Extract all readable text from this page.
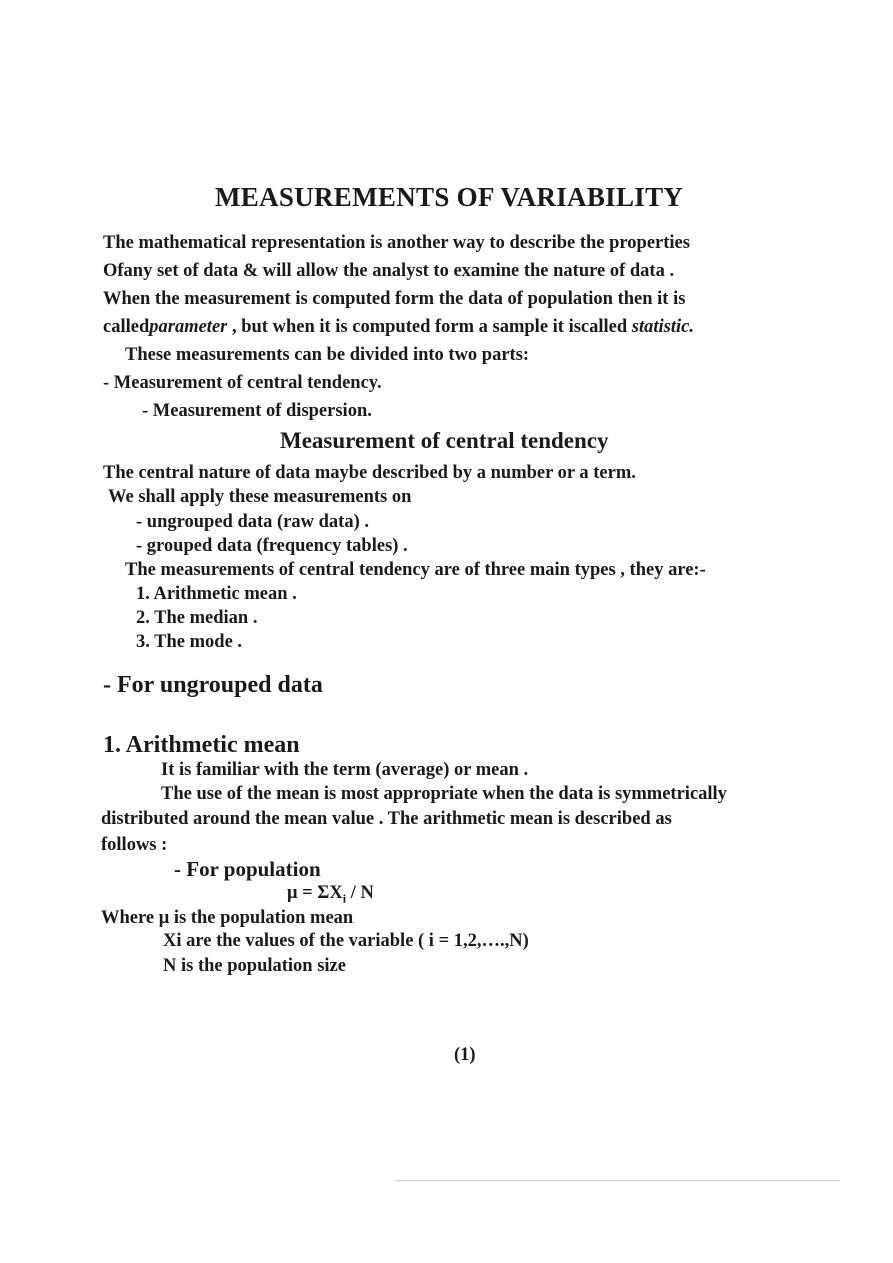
MEASUREMENTS OF VARIABILITY
The mathematical representation is another way to describe the properties
Ofany set of data & will allow the analyst to examine the nature of data .
When the measurement is computed form the data of population then it is
calledparameter , but when it is computed form a sample it iscalled statistic.
These measurements can be divided into two parts:
- Measurement of central tendency.
- Measurement of dispersion.
Measurement of central tendency
The central nature of data maybe described by a number or a term.
We shall apply these measurements on
- ungrouped data (raw data) .
- grouped data (frequency tables) .
The measurements of central tendency are of three main types , they are:-
1. Arithmetic mean .
2. The median .
3. The mode .
- For ungrouped data
1. Arithmetic mean
It is familiar with the term (average) or mean .
The use of the mean is most appropriate when the data is symmetrically
distributed around the mean value . The arithmetic mean is described as
follows :
- For population
$\mu = \Sigma X_i / N$
Where μ is the population mean
Xi are the values of the variable ( i = 1,2,….,N)
N is the population size
(1)
